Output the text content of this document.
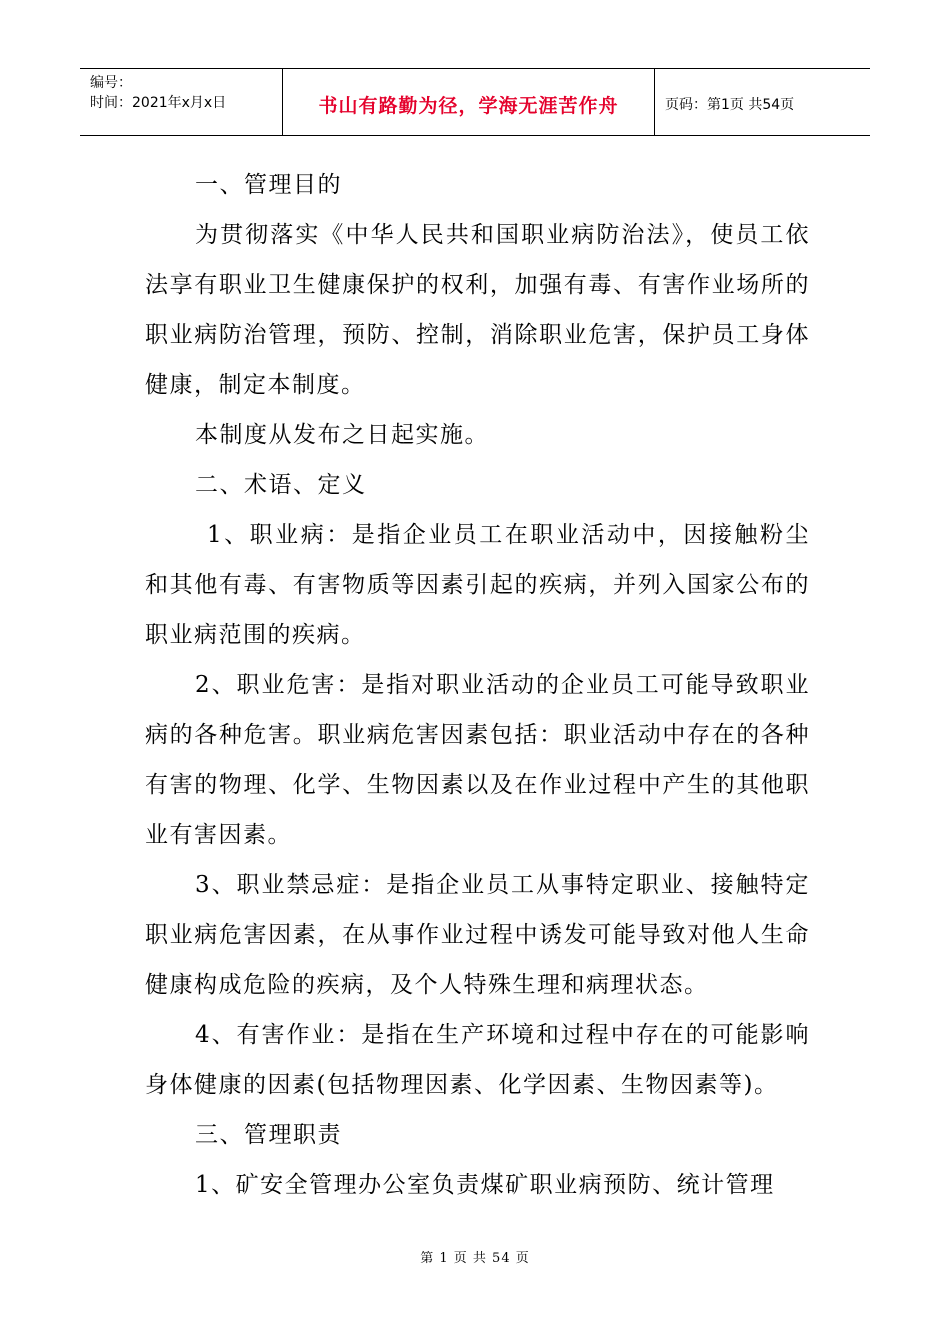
编号：
时间：2021年x月x日	书山有路勤为径，学海无涯苦作舟	页码：第1页 共54页

一、管理目的

为贯彻落实《中华人民共和国职业病防治法》，使员工依法享有职业卫生健康保护的权利，加强有毒、有害作业场所的职业病防治管理，预防、控制，消除职业危害，保护员工身体健康，制定本制度。

本制度从发布之日起实施。

二、术语、定义

1、职业病：是指企业员工在职业活动中，因接触粉尘和其他有毒、有害物质等因素引起的疾病，并列入国家公布的职业病范围的疾病。

2、职业危害：是指对职业活动的企业员工可能导致职业病的各种危害。职业病危害因素包括：职业活动中存在的各种有害的物理、化学、生物因素以及在作业过程中产生的其他职业有害因素。

3、职业禁忌症：是指企业员工从事特定职业、接触特定职业病危害因素，在从事作业过程中诱发可能导致对他人生命健康构成危险的疾病，及个人特殊生理和病理状态。

4、有害作业：是指在生产环境和过程中存在的可能影响身体健康的因素(包括物理因素、化学因素、生物因素等)。

三、管理职责

1、矿安全管理办公室负责煤矿职业病预防、统计管理

第 1 页 共 54 页
